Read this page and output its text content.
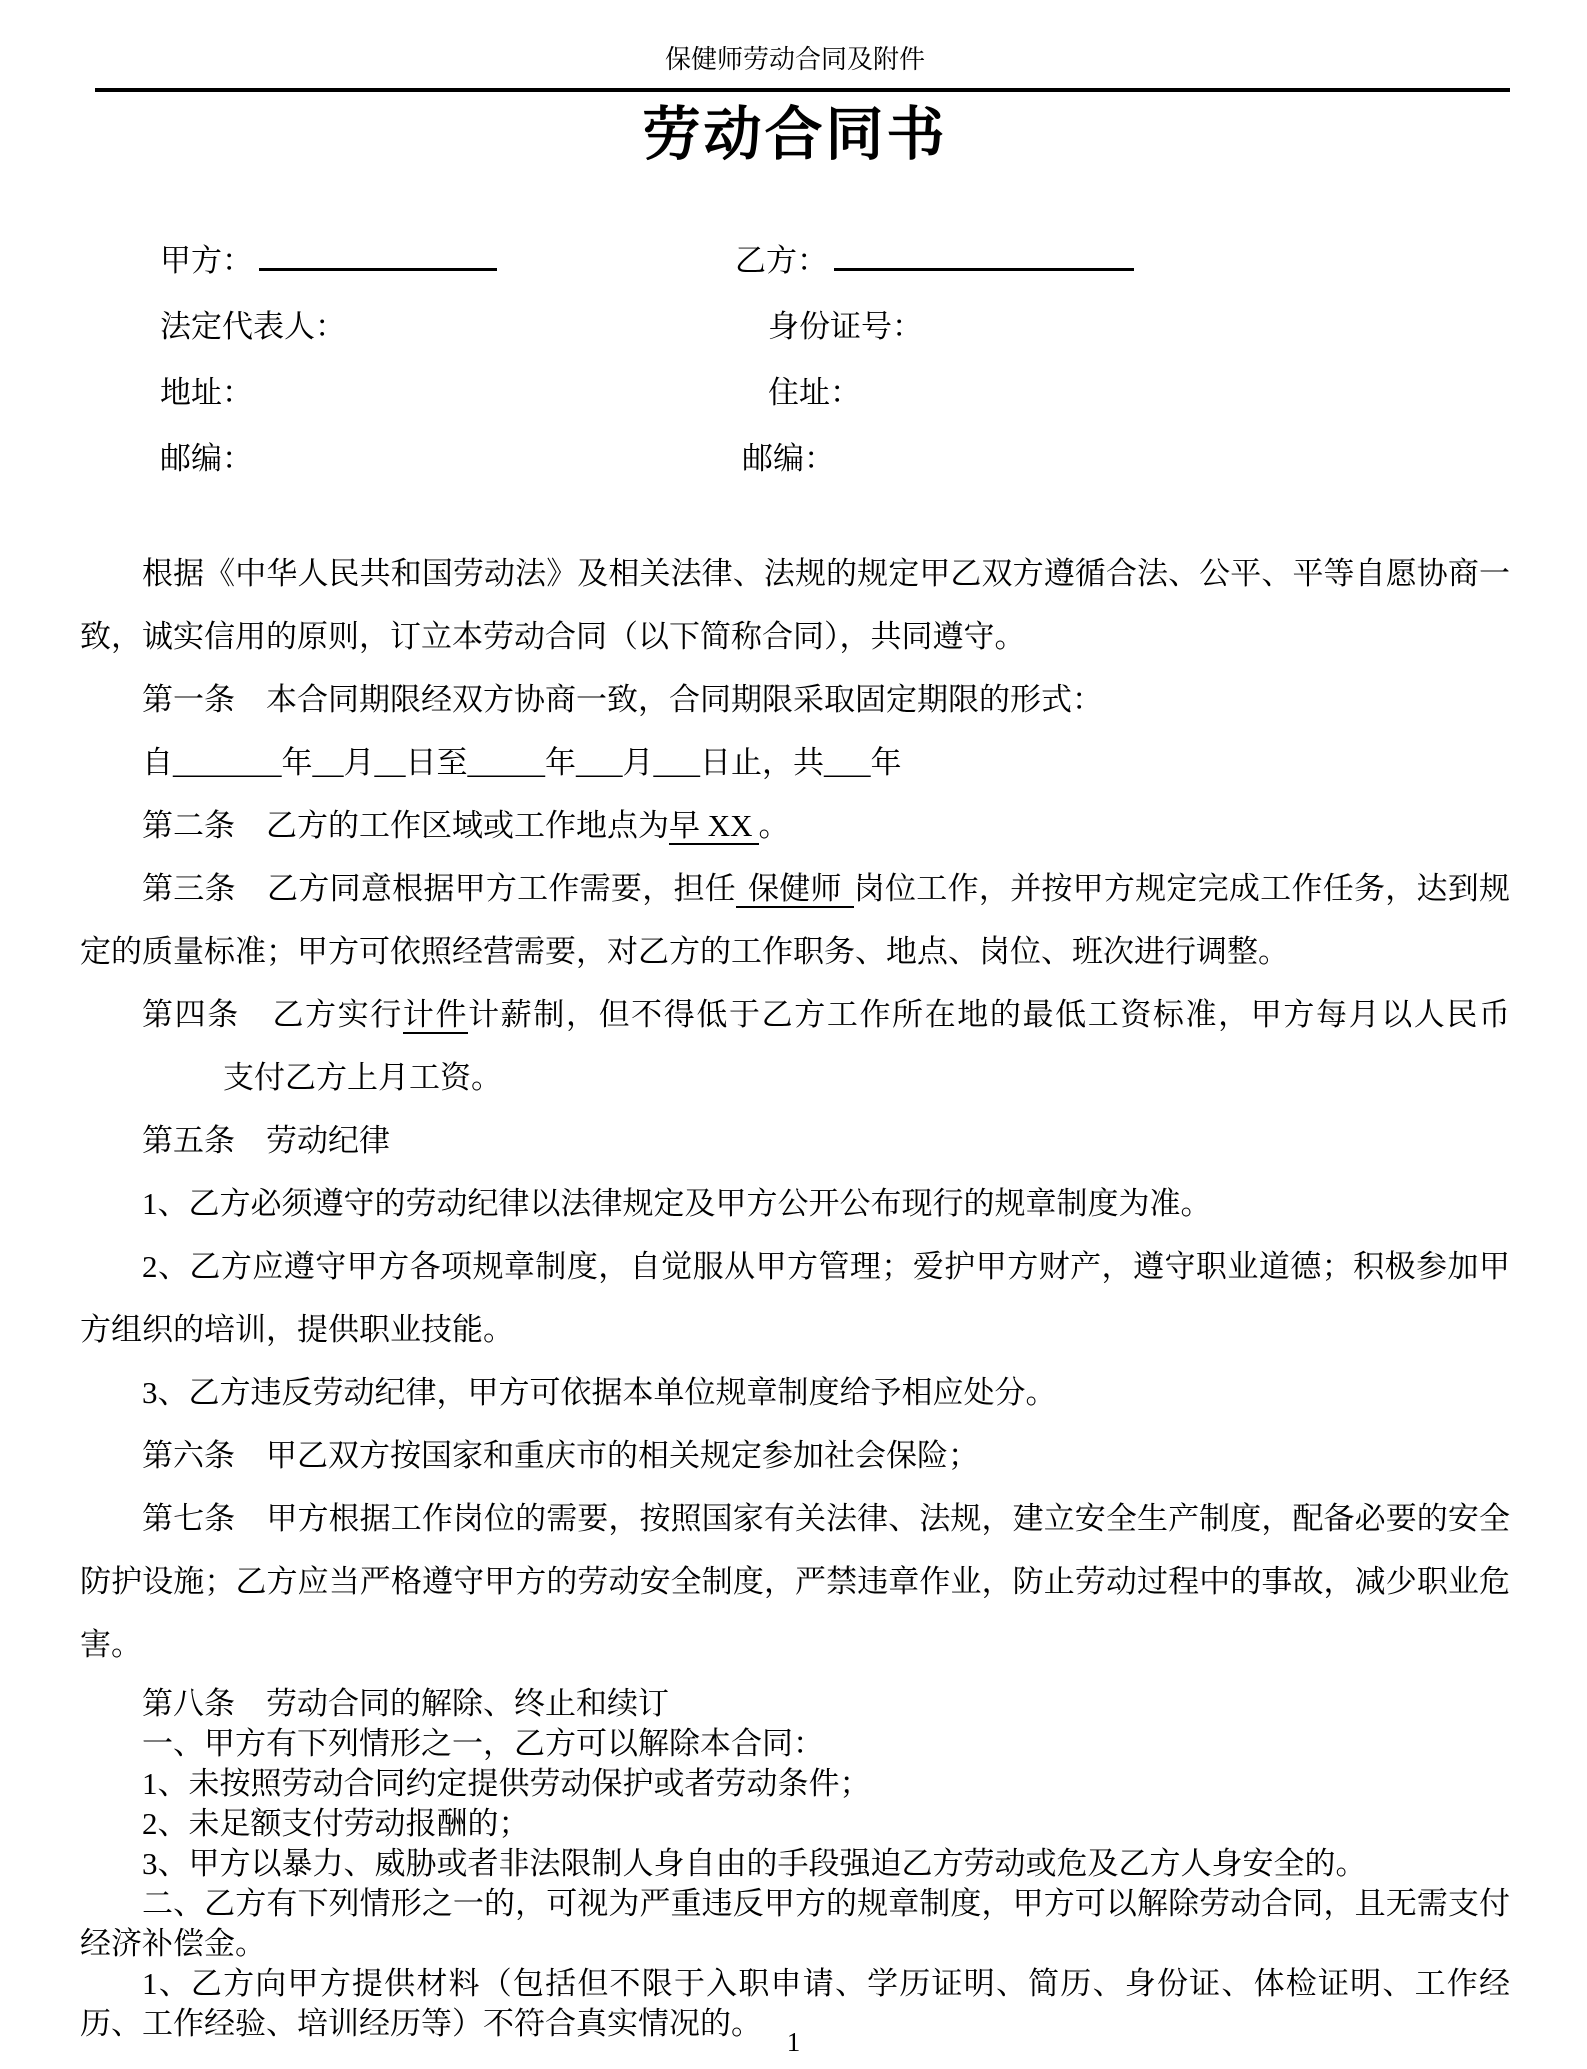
保健师劳动合同及附件
劳动合同书
甲方：	乙方：
法定代表人：	身份证号：
地址：	住址：
邮编：	邮编：
根据《中华人民共和国劳动法》及相关法律、法规的规定甲乙双方遵循合法、公平、平等自愿协商一致，诚实信用的原则，订立本劳动合同（以下简称合同），共同遵守。
第一条　本合同期限经双方协商一致，合同期限采取固定期限的形式：
自_______年__月__日至_____年___月___日止，共___年
第二条　乙方的工作区域或工作地点为早 XX 。
第三条　乙方同意根据甲方工作需要，担任 保健师 岗位工作，并按甲方规定完成工作任务，达到规定的质量标准；甲方可依照经营需要，对乙方的工作职务、地点、岗位、班次进行调整。
第四条　乙方实行计件计薪制，但不得低于乙方工作所在地的最低工资标准，甲方每月以人民币
支付乙方上月工资。
第五条　劳动纪律
1、乙方必须遵守的劳动纪律以法律规定及甲方公开公布现行的规章制度为准。
2、乙方应遵守甲方各项规章制度，自觉服从甲方管理；爱护甲方财产，遵守职业道德；积极参加甲方组织的培训，提供职业技能。
3、乙方违反劳动纪律，甲方可依据本单位规章制度给予相应处分。
第六条　甲乙双方按国家和重庆市的相关规定参加社会保险；
第七条　甲方根据工作岗位的需要，按照国家有关法律、法规，建立安全生产制度，配备必要的安全防护设施；乙方应当严格遵守甲方的劳动安全制度，严禁违章作业，防止劳动过程中的事故，减少职业危害。
第八条　劳动合同的解除、终止和续订
一、甲方有下列情形之一，乙方可以解除本合同：
1、未按照劳动合同约定提供劳动保护或者劳动条件；
2、未足额支付劳动报酬的；
3、甲方以暴力、威胁或者非法限制人身自由的手段强迫乙方劳动或危及乙方人身安全的。
二、乙方有下列情形之一的，可视为严重违反甲方的规章制度，甲方可以解除劳动合同，且无需支付经济补偿金。
1、乙方向甲方提供材料（包括但不限于入职申请、学历证明、简历、身份证、体检证明、工作经历、工作经验、培训经历等）不符合真实情况的。
1
